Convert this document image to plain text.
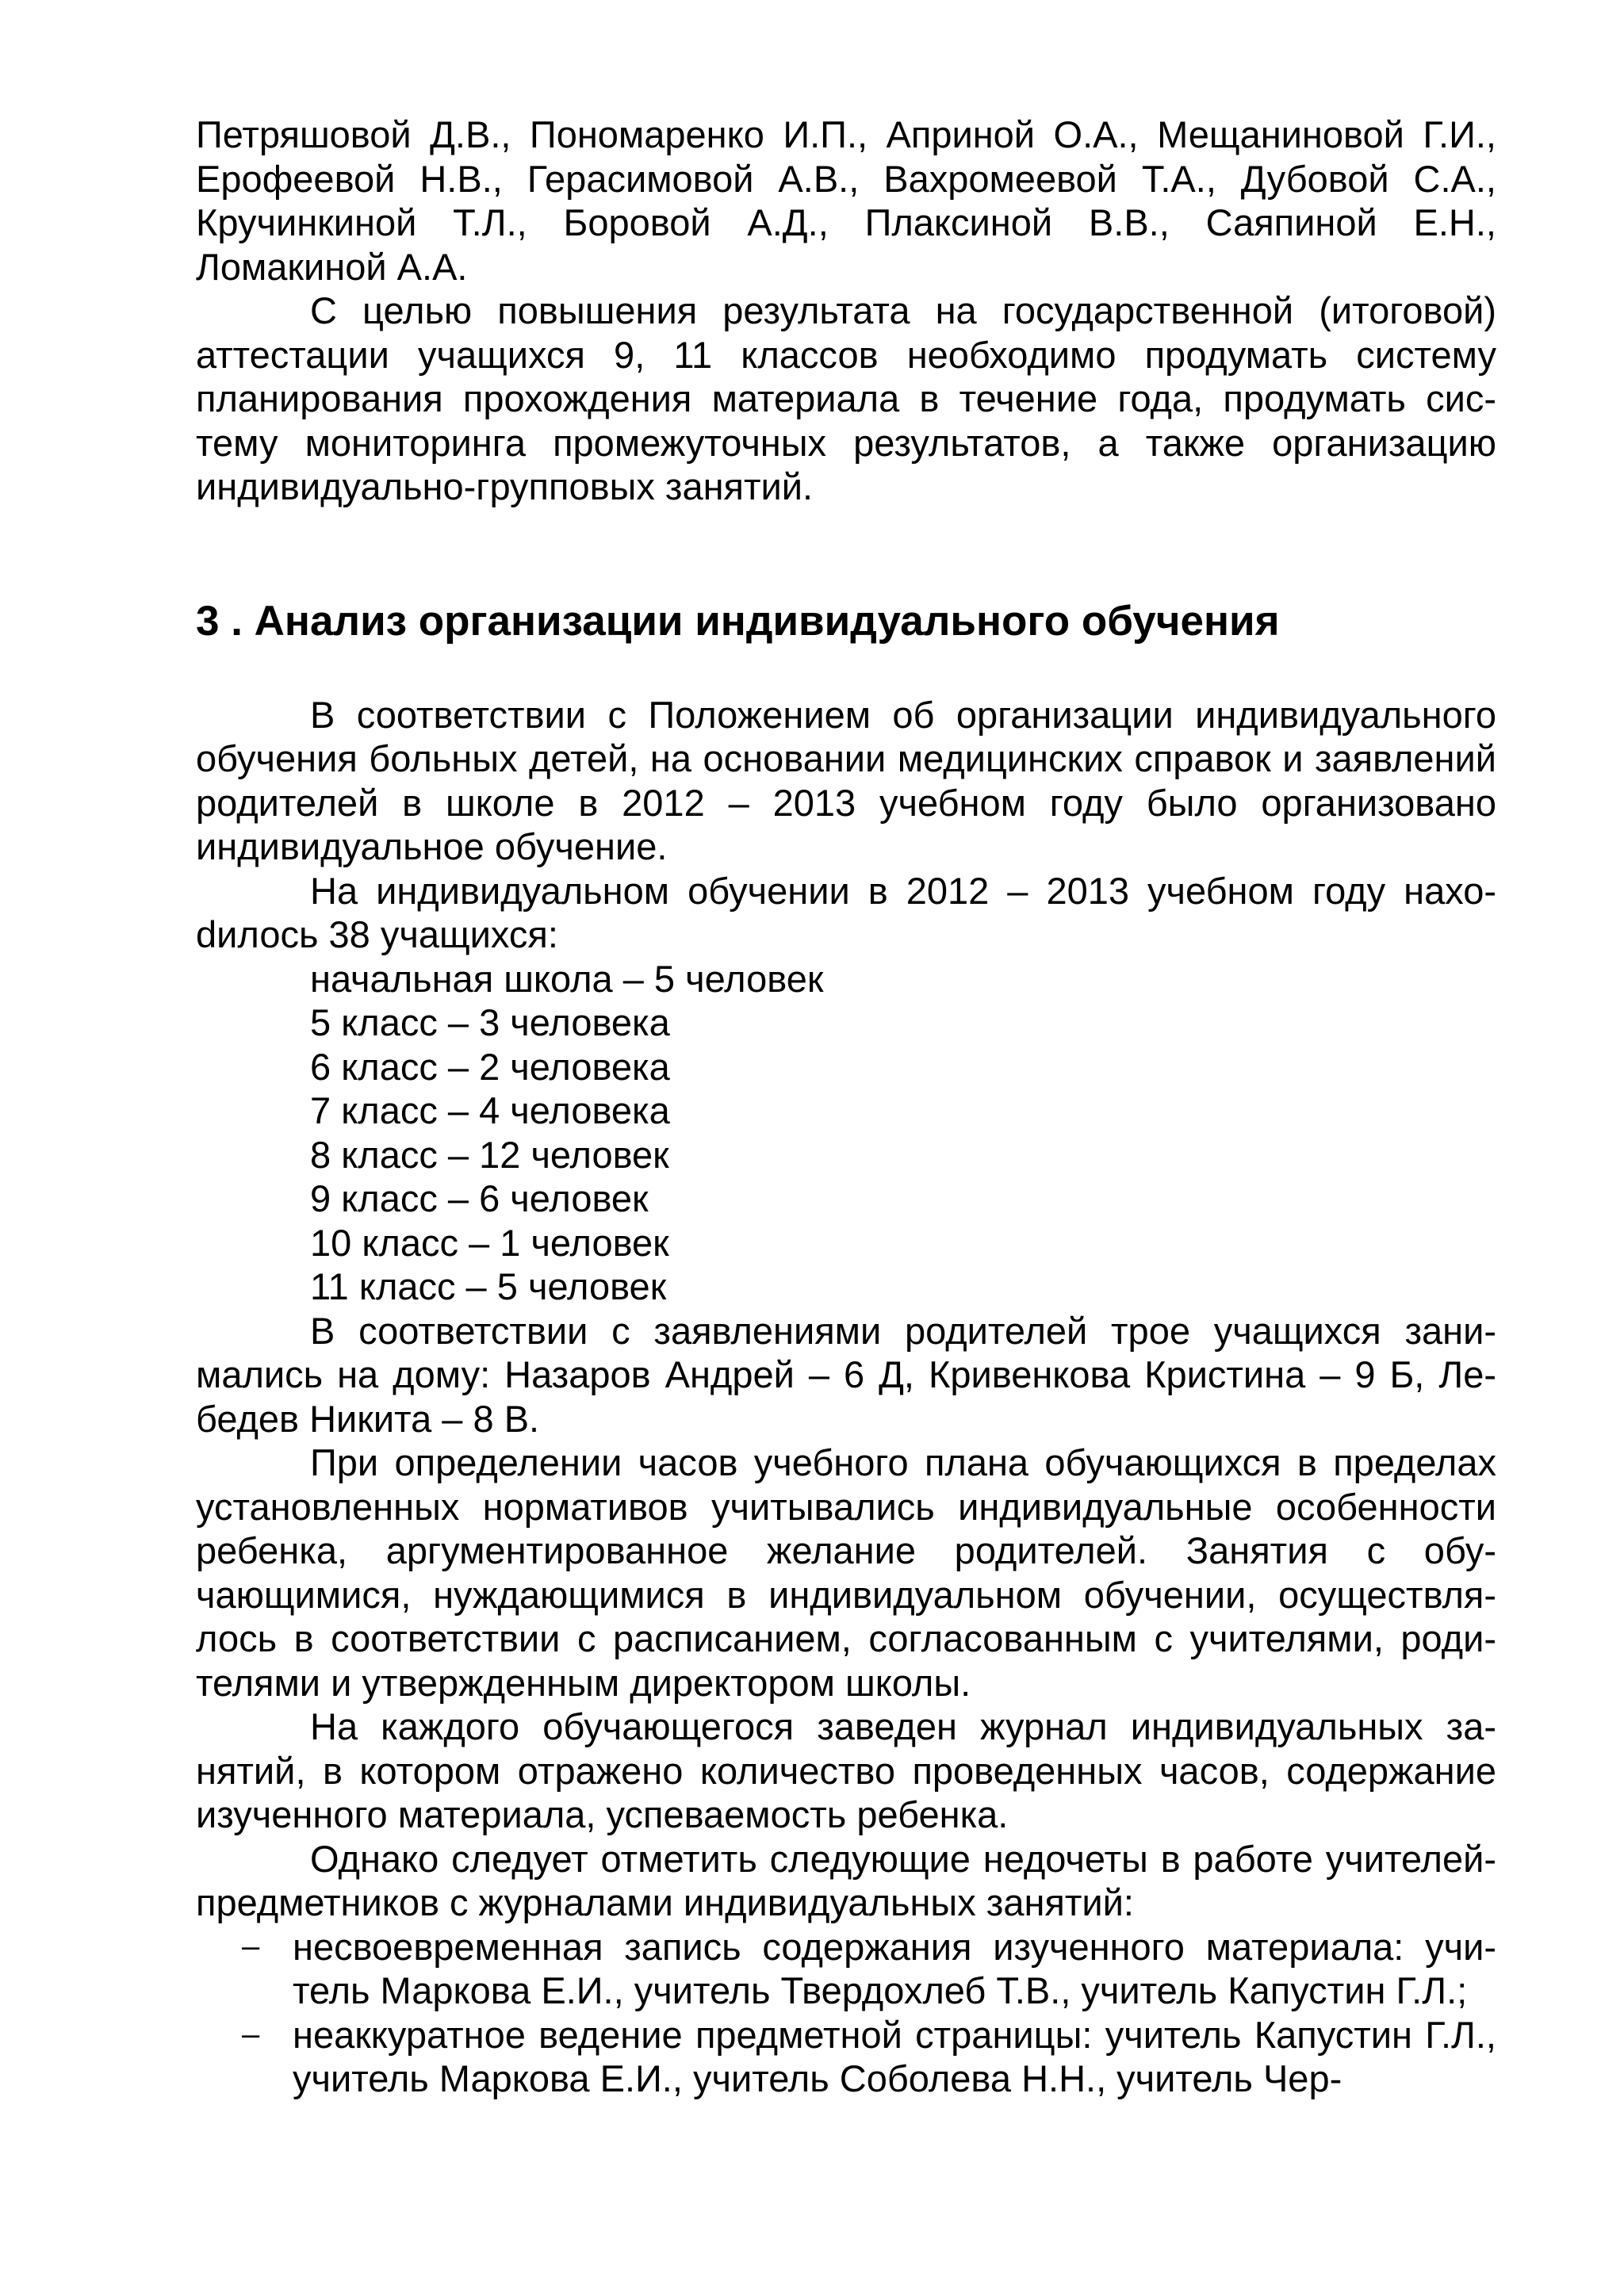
Петряшовой Д.В., Пономаренко И.П., Априной О.А., Мещаниновой Г.И., Ерофеевой Н.В., Герасимовой А.В., Вахромеевой Т.А., Дубовой С.А., Кручинкиной Т.Л., Боровой А.Д., Плаксиной В.В., Саяпиной Е.Н., Ломакиной А.А.

С целью повышения результата на государственной (итоговой) аттестации учащихся 9, 11 классов необходимо продумать систему планирования прохождения материала в течение года, продумать систему мониторинга промежуточных результатов, а также организацию индивидуально-групповых занятий.

3 . Анализ организации индивидуального обучения

В соответствии с Положением об организации индивидуального обучения больных детей, на основании медицинских справок и заявлений родителей в школе в 2012 – 2013 учебном году было организовано индивидуальное обучение.

На индивидуальном обучении в 2012 – 2013 учебном году нахоdилось 38 учащихся:

начальная школа – 5 человек
5 класс – 3 человека
6 класс – 2 человека
7 класс – 4 человека
8 класс – 12 человек
9 класс – 6 человек
10 класс – 1 человек
11 класс – 5 человек

В соответствии с заявлениями родителей трое учащихся занимались на дому: Назаров Андрей – 6 Д, Кривенкова Кристина – 9 Б, Лебедев Никита – 8 В.

При определении часов учебного плана обучающихся в пределах установленных нормативов учитывались индивидуальные особенности ребенка, аргументированное желание родителей. Занятия с обучающимися, нуждающимися в индивидуальном обучении, осуществлялось в соответствии с расписанием, согласованным с учителями, родителями и утвержденным директором школы.

На каждого обучающегося заведен журнал индивидуальных занятий, в котором отражено количество проведенных часов, содержание изученного материала, успеваемость ребенка.

Однако следует отметить следующие недочеты в работе учителей-предметников с журналами индивидуальных занятий:

– несвоевременная запись содержания изученного материала: учитель Маркова Е.И., учитель Твердохлеб Т.В., учитель Капустин Г.Л.;
– неаккуратное ведение предметной страницы: учитель Капустин Г.Л., учитель Маркова Е.И., учитель Соболева Н.Н., учитель Чер-
